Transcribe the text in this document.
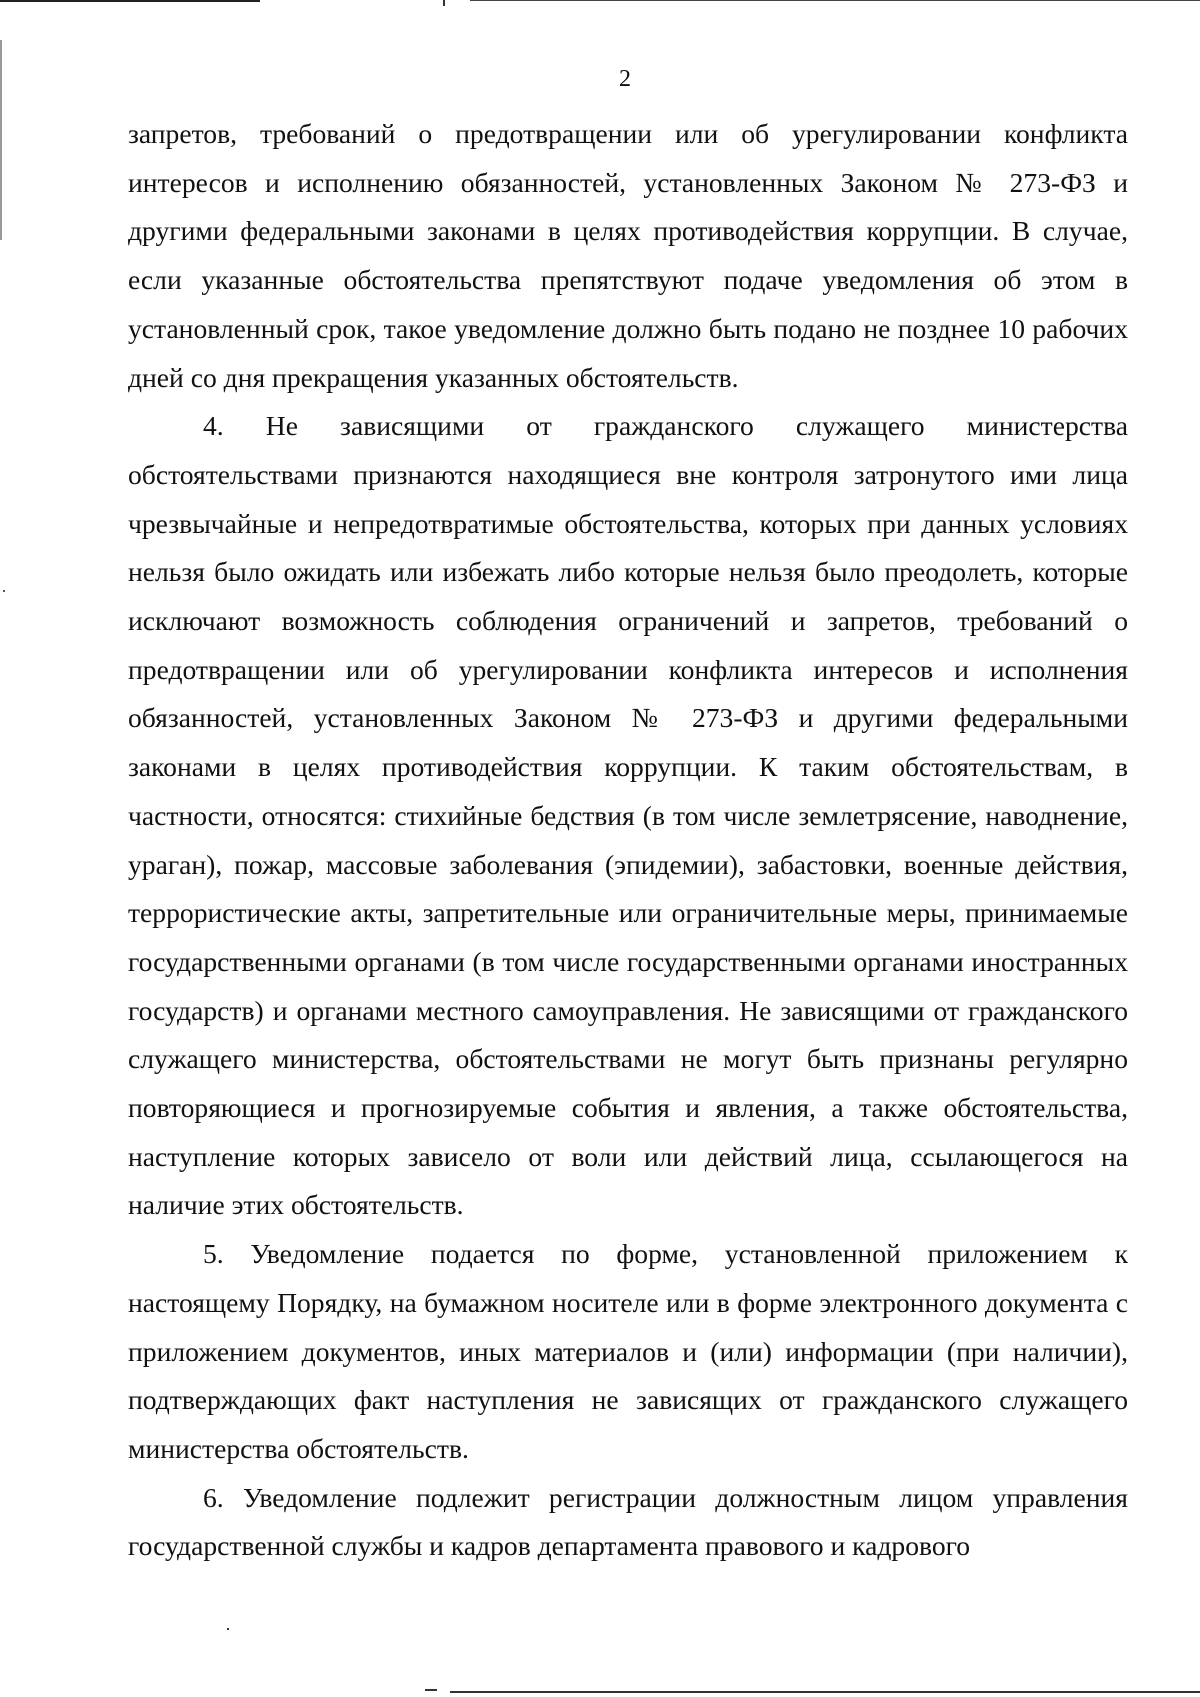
2

запретов, требований о предотвращении или об урегулировании конфликта интересов и исполнению обязанностей, установленных Законом № 273-ФЗ и другими федеральными законами в целях противодействия коррупции. В случае, если указанные обстоятельства препятствуют подаче уведомления об этом в установленный срок, такое уведомление должно быть подано не позднее 10 рабочих дней со дня прекращения указанных обстоятельств.

4. Не зависящими от гражданского служащего министерства обстоятельствами признаются находящиеся вне контроля затронутого ими лица чрезвычайные и непредотвратимые обстоятельства, которых при данных условиях нельзя было ожидать или избежать либо которые нельзя было преодолеть, которые исключают возможность соблюдения ограничений и запретов, требований о предотвращении или об урегулировании конфликта интересов и исполнения обязанностей, установленных Законом № 273-ФЗ и другими федеральными законами в целях противодействия коррупции. К таким обстоятельствам, в частности, относятся: стихийные бедствия (в том числе землетрясение, наводнение, ураган), пожар, массовые заболевания (эпидемии), забастовки, военные действия, террористические акты, запретительные или ограничительные меры, принимаемые государственными органами (в том числе государственными органами иностранных государств) и органами местного самоуправления. Не зависящими от гражданского служащего министерства, обстоятельствами не могут быть признаны регулярно повторяющиеся и прогнозируемые события и явления, а также обстоятельства, наступление которых зависело от воли или действий лица, ссылающегося на наличие этих обстоятельств.

5. Уведомление подается по форме, установленной приложением к настоящему Порядку, на бумажном носителе или в форме электронного документа с приложением документов, иных материалов и (или) информации (при наличии), подтверждающих факт наступления не зависящих от гражданского служащего министерства обстоятельств.

6. Уведомление подлежит регистрации должностным лицом управления государственной службы и кадров департамента правового и кадрового
